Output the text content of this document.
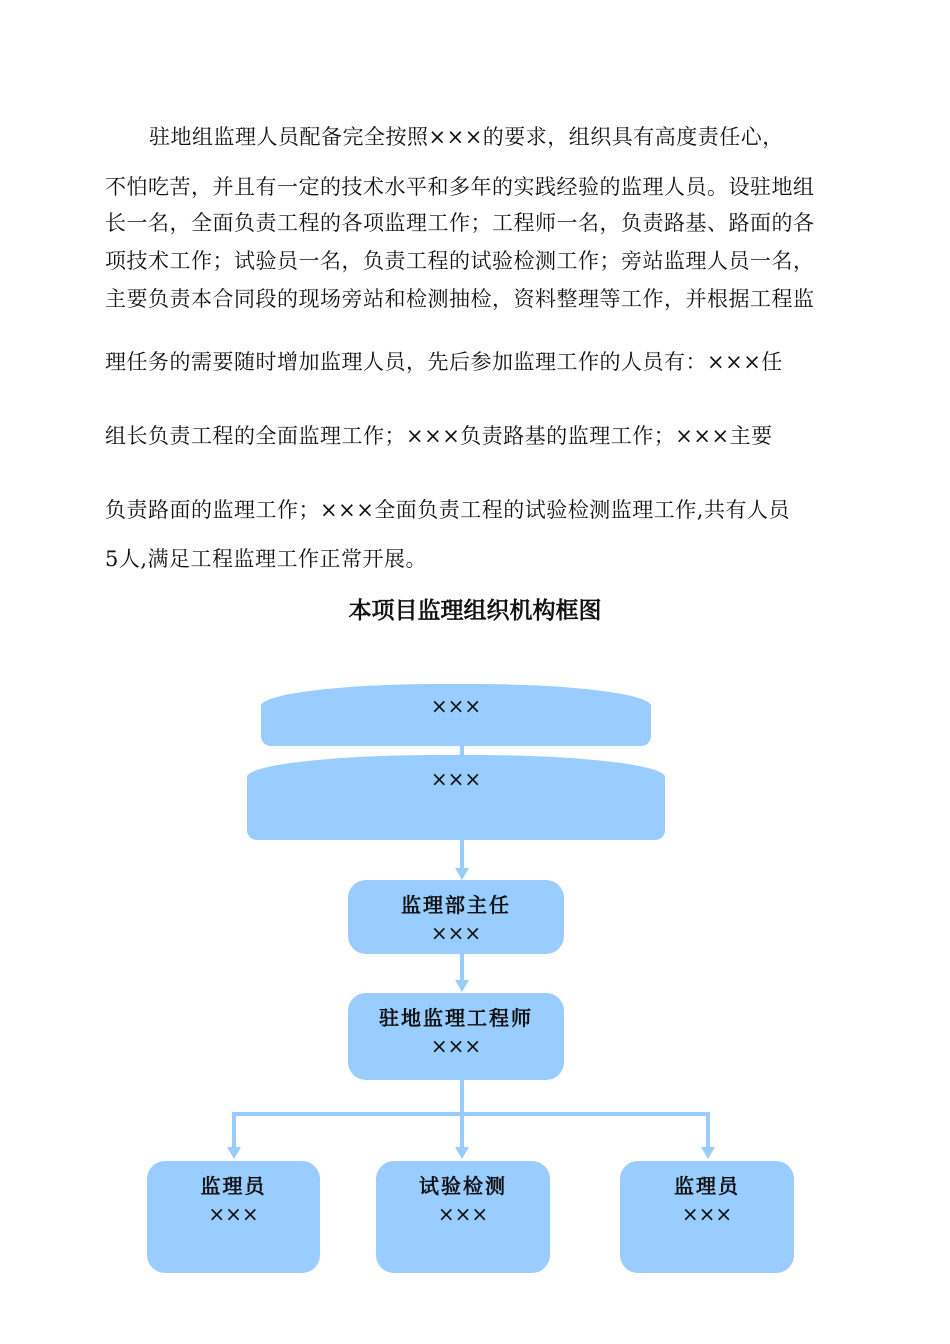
驻地组监理人员配备完全按照×××的要求，组织具有高度责任心，
不怕吃苦，并且有一定的技术水平和多年的实践经验的监理人员。设驻地组
长一名，全面负责工程的各项监理工作；工程师一名，负责路基、路面的各
项技术工作；试验员一名，负责工程的试验检测工作；旁站监理人员一名，
主要负责本合同段的现场旁站和检测抽检，资料整理等工作，并根据工程监
理任务的需要随时增加监理人员，先后参加监理工作的人员有：×××任
组长负责工程的全面监理工作；×××负责路基的监理工作；×××主要
负责路面的监理工作；×××全面负责工程的试验检测监理工作,共有人员
5人,满足工程监理工作正常开展。
本项目监理组织机构框图
×××
×××
监理部主任
×××
驻地监理工程师
×××
监理员
×××
试验检测
×××
监理员
×××
